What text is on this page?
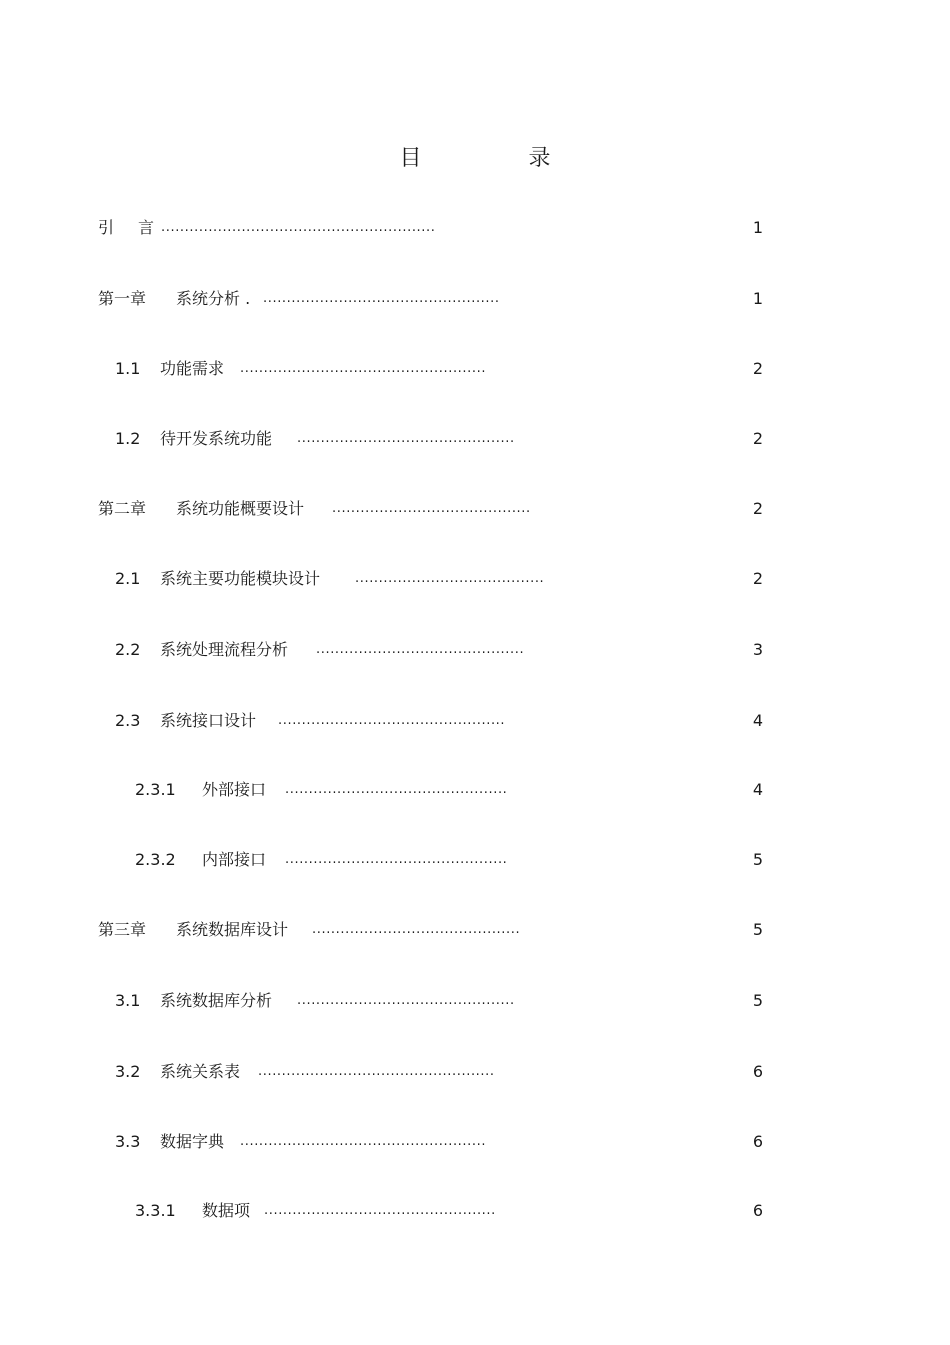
目 录
引 言 ..........................................................	1
第一章 系统分析 . ..................................................	1
1.1 功能需求 ....................................................	2
1.2 待开发系统功能 ..............................................	2
第二章 系统功能概要设计 ..........................................	2
2.1 系统主要功能模块设计	........................................	2
2.2 系统处理流程分析 ............................................	3
2.3 系统接口设计 ................................................	4
2.3.1 外部接口 ...............................................	4
2.3.2 内部接口 ...............................................	5
第三章 系统数据库设计 ............................................	5
3.1 系统数据库分析 ..............................................	5
3.2 系统关系表 ..................................................	6
3.3 数据字典 ....................................................	6
3.3.1 数据项 .................................................	6
